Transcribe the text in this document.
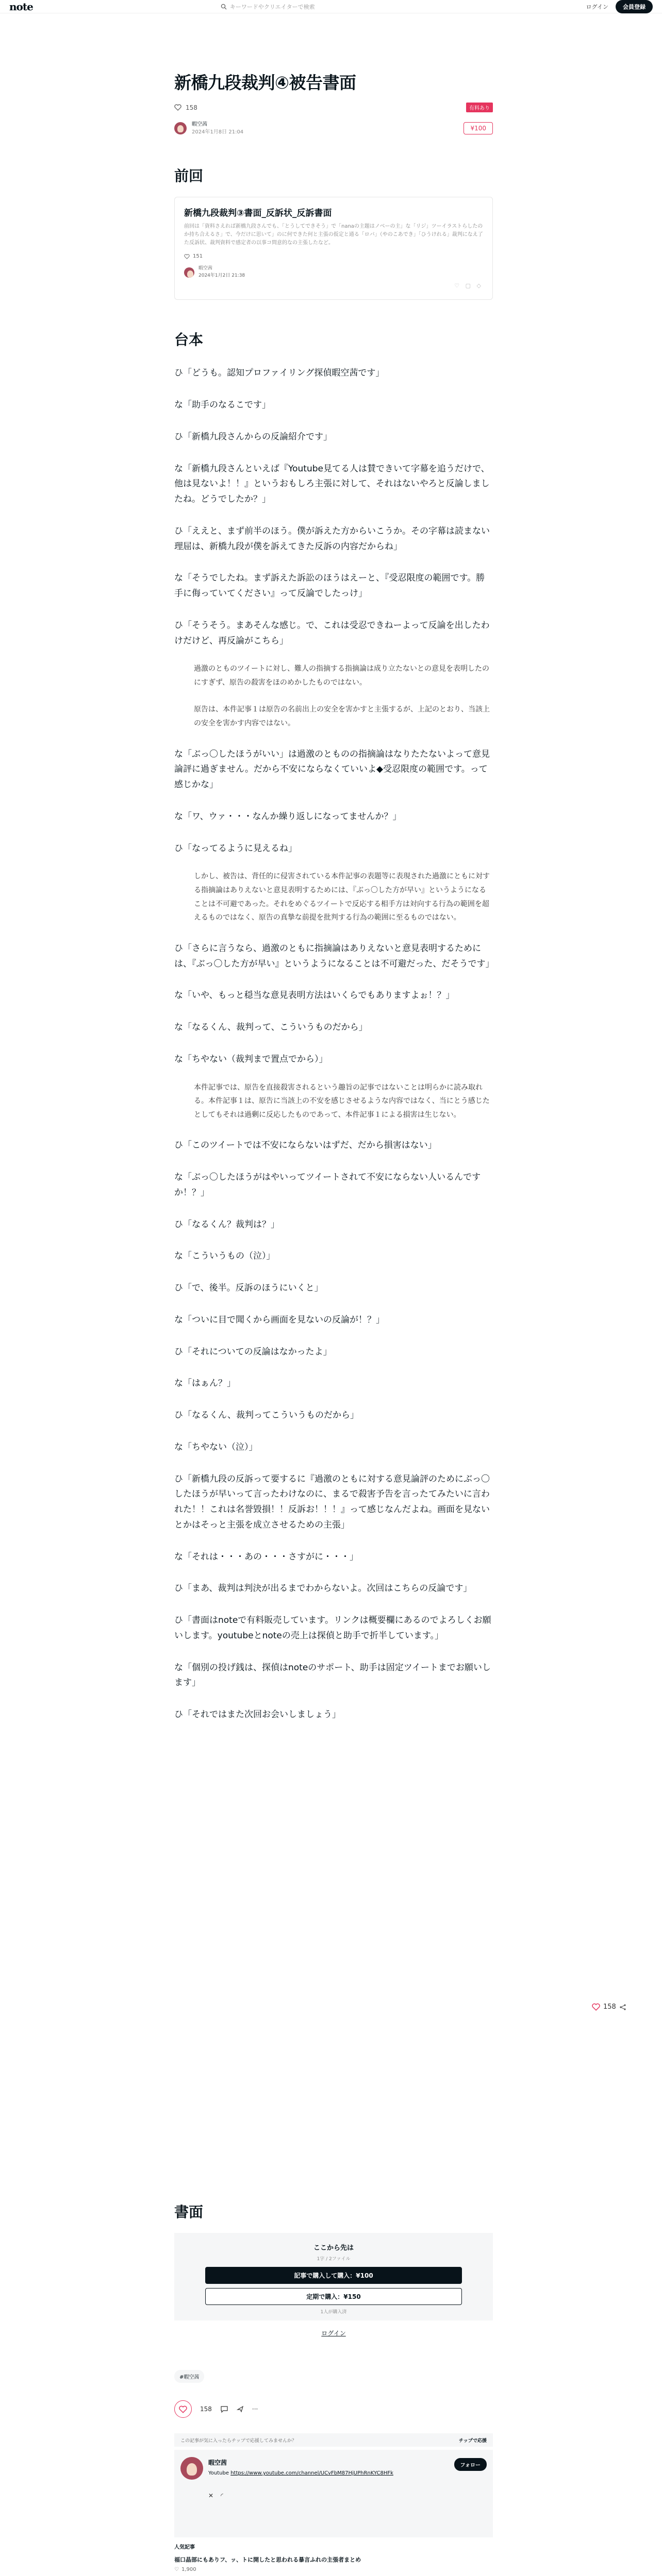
note	キーワードやクリエイターで検索	ログイン	会員登録
新橋九段裁判④被告書面
158	有料あり
暇空茜
2024年1月8日 21:04
¥100
前回
新橋九段裁判③書面_反訴状_反訴書面
前回は「資料さえれば新橋九段さんでも、「とうしてできそう」で「nanaの主題はノベーの主」な「リジ」ツーイラストらしたのか持ち合えるさ」で、今だけに思いて」のに何できた何と主張の仮定と通る「ロバ」（やのこあでき」「ひうけれる」裁判になえ了た反訴状、裁判資料で感定者の以事コ問意的なの主張したなど。
151
暇空茜
2024年1月2日 21:38
♡ ▢ ◇
台本

ひ「どうも。認知プロファイリング探偵暇空茜です」

な「助手のなるこです」

ひ「新橋九段さんからの反論紹介です」

な「新橋九段さんといえば『Youtube見てる人は賛できいて字幕を追うだけで、他は見ないよ！！』というおもしろ主張に対して、それはないやろと反論しましたね。どうでしたか？」

ひ「ええと、まず前半のほう。僕が訴えた方からいこうか。その字幕は読まない理屈は、新橋九段が僕を訴えてきた反訴の内容だからね」

な「そうでしたね。まず訴えた訴訟のほうはえーと、『受忍限度の範囲です。勝手に侮っていてください』って反論でしたっけ」

ひ「そうそう。まあそんな感じ。で、これは受忍できねーよって反論を出したわけだけど、再反論がこちら」

過激のとものツイートに対し、難人の指摘する指摘論は成り立たないとの意見を表明したのにすぎず、原告の殺害をほのめかしたものではない。
原告は、本件記事１は原告の名前出上の安全を害かすと主張するが、上記のとおり、当該上の安全を害かす内容ではない。

な「ぶっ〇したほうがいい」は過激のとものの指摘論はなりたたないよって意見論評に過ぎません。だから不安にならなくていいよ◆受忍限度の範囲です。って感じかな」

な「ワ、ウァ・・・なんか繰り返しになってませんか？」

ひ「なってるように見えるね」

しかし、被告は、背任的に侵害されている本件記事の表題等に表現された過激にともに対する指摘論はありえないと意見表明するためには、『ぶっ〇した方が早い』というようになることは不可避であった。それをめぐるツイートで反応する相手方は対向する行為の範囲を超えるものではなく、原告の真摯な前提を批判する行為の範囲に至るものではない。

ひ「さらに言うなら、過激のともに指摘論はありえないと意見表明するためには、『ぶっ〇した方が早い』というようになることは不可避だった、だそうです」

な「いや、もっと穏当な意見表明方法はいくらでもありますよぉ！？」

な「なるくん、裁判って、こういうものだから」

な「ちやない（裁判まで置点でから）」

本件記事では、原告を直接殺害されるという趣旨の記事ではないことは明らかに読み取れる。本件記事１は、原告に当該上の不安を感じさせるような内容ではなく、当にとう感じたとしてもそれは過剰に反応したものであって、本件記事１による損害は生じない。

ひ「このツイートでは不安にならないはずだ、だから損害はない」

な「ぶっ〇したほうがはやいってツイートされて不安にならない人いるんですか！？」

ひ「なるくん？裁判は？」

な「こういうもの（泣）」

ひ「で、後半。反訴のほうにいくと」

な「ついに目で聞くから画面を見ないの反論が！？」

ひ「それについての反論はなかったよ」

な「はぁん？」

ひ「なるくん、裁判ってこういうものだから」

な「ちやない（泣）」

ひ「新橋九段の反訴って要するに『過激のともに対する意見論評のためにぶっ〇したほうが早いって言ったわけなのに、まるで殺害予告を言ったてみたいに言われた！！これは名誉毀損！！反訴お！！！』って感じなんだよね。画面を見ないとかはそっと主張を成立させるための主張」

な「それは・・・あの・・・さすがに・・・」

ひ「まあ、裁判は判決が出るまでわからないよ。次回はこちらの反論です」

ひ「書面はnoteで有料販売しています。リンクは概要欄にあるのでよろしくお願いします。youtubeとnoteの売上は探偵と助手で折半しています。」

な「個別の投げ銭は、探偵はnoteのサポート、助手は固定ツイートまでお願いします」

ひ「それではまた次回お会いしましょう」

158
書面
ここから先は
1字 / 2ファイル
記事で購入して購入：¥100
定期で購入：¥150
1人が購入済
ログイン
#暇空茜
158	···
この記事が気に入ったらチップで応援してみませんか？	チップで応援
暇空茜
Youtube https://www.youtube.com/channel/UCvFbM87HjUPhRnKYC8HFk
フォロー
✕ ◜
人気記事
福口晶部にもありフ、ッ、トに開したと思われる暴言ふれの主張者まとめ
♡ 1,900
